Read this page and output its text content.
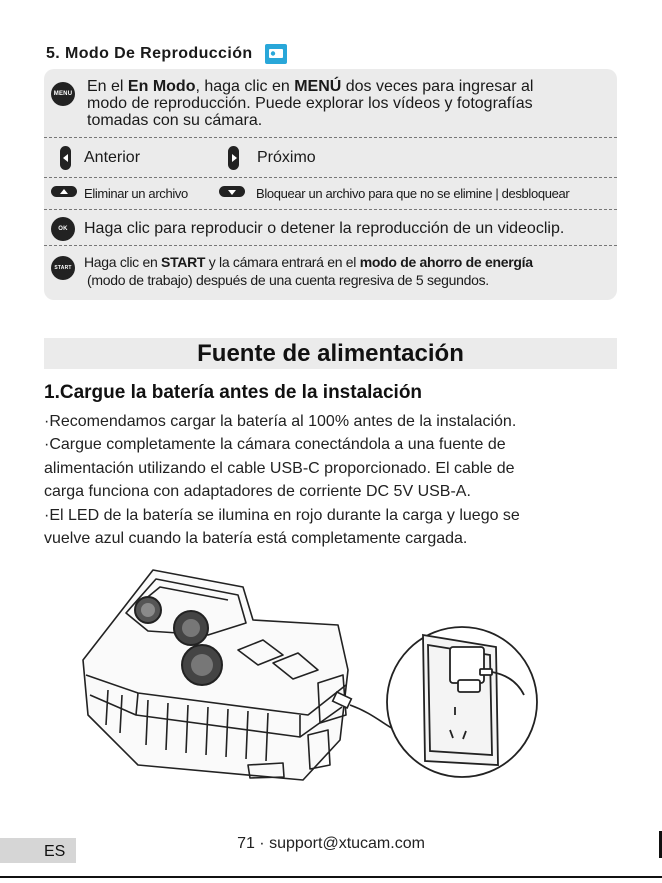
5. Modo De Reproducción
MENU En el En Modo, haga clic en MENÚ dos veces para ingresar al
modo de reproducción. Puede explorar los vídeos y fotografías
tomadas con su cámara.
Anterior	Próximo
Eliminar un archivo	Bloquear un archivo para que no se elimine | desbloquear
OK	Haga clic para reproducir o detener la reproducción de un videoclip.
START Haga clic en START y la cámara entrará en el modo de ahorro de energía
(modo de trabajo) después de una cuenta regresiva de 5 segundos.
Fuente de alimentación
1.Cargue la batería antes de la instalación

·Recomendamos cargar la batería al 100% antes de la instalación.

·Cargue completamente la cámara conectándola a una fuente de

alimentación utilizando el cable USB-C proporcionado. El cable de

carga funciona con adaptadores de corriente DC 5V USB-A.

·El LED de la batería se ilumina en rojo durante la carga y luego se

vuelve azul cuando la batería está completamente cargada.

ES	71 · support@xtucam.com
